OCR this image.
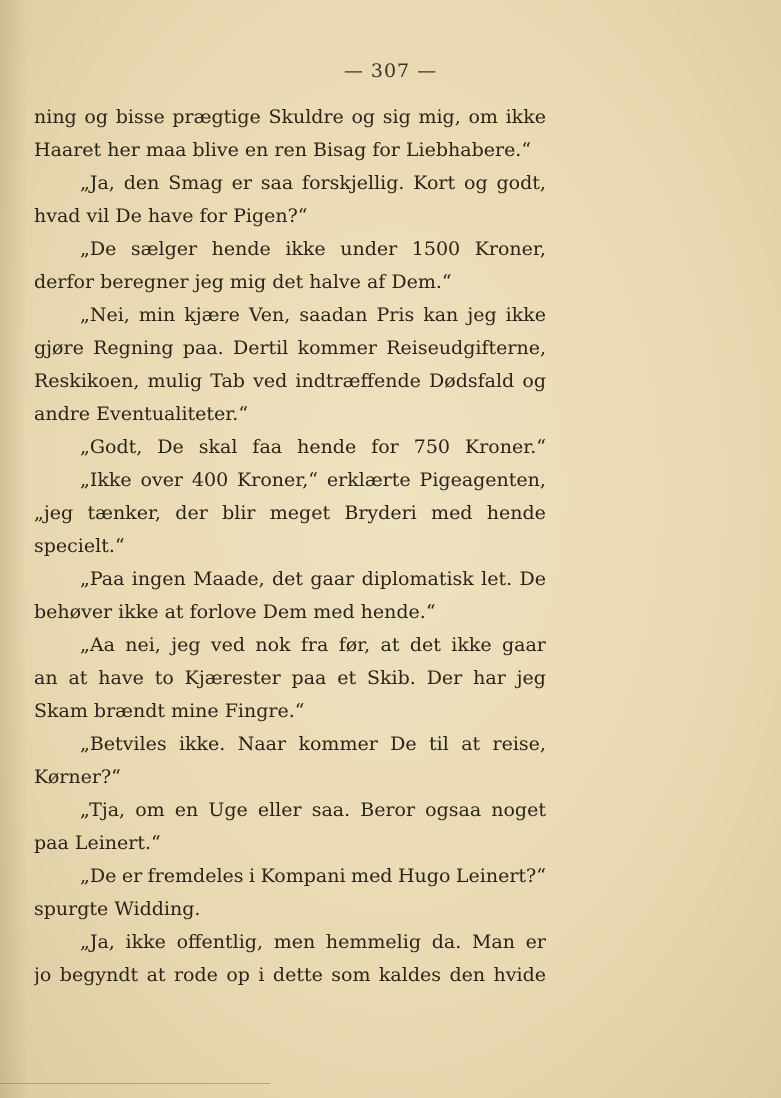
— 307 —
ning og bisse prægtige Skuldre og sig mig, om ikke
Haaret her maa blive en ren Bisag for Liebhabere.“
„Ja, den Smag er saa forskjellig. Kort og godt,
hvad vil De have for Pigen?“
„De sælger hende ikke under 1500 Kroner,
derfor beregner jeg mig det halve af Dem.“
„Nei, min kjære Ven, saadan Pris kan jeg ikke
gjøre Regning paa. Dertil kommer Reiseudgifterne,
Reskikoen, mulig Tab ved indtræffende Dødsfald og
andre Eventualiteter.“
„Godt, De skal faa hende for 750 Kroner.“
„Ikke over 400 Kroner,“ erklærte Pigeagenten,
„jeg tænker, der blir meget Bryderi med hende
specielt.“
„Paa ingen Maade, det gaar diplomatisk let. De
behøver ikke at forlove Dem med hende.“
„Aa nei, jeg ved nok fra før, at det ikke gaar
an at have to Kjærester paa et Skib. Der har jeg
Skam brændt mine Fingre.“
„Betviles ikke. Naar kommer De til at reise,
Kørner?“
„Tja, om en Uge eller saa. Beror ogsaa noget
paa Leinert.“
„De er fremdeles i Kompani med Hugo Leinert?“
spurgte Widding.
„Ja, ikke offentlig, men hemmelig da. Man er
jo begyndt at rode op i dette som kaldes den hvide
